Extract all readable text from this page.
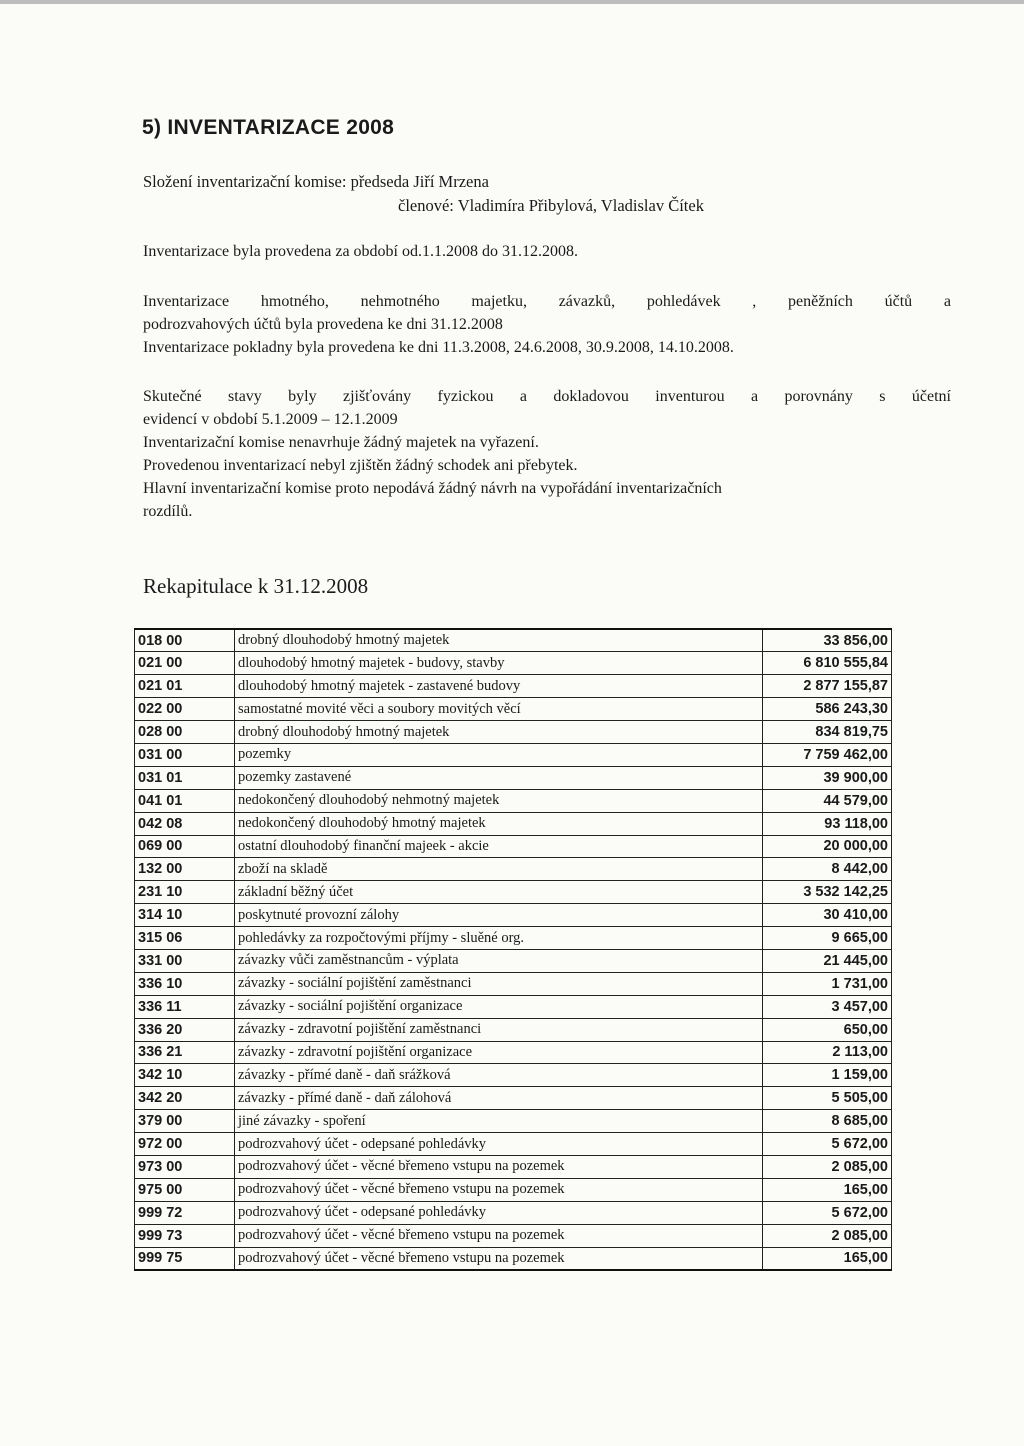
5) INVENTARIZACE 2008
Složení inventarizační komise: předseda Jiří Mrzena
členové: Vladimíra Přibylová, Vladislav Čítek
Inventarizace byla provedena za období od.1.1.2008 do 31.12.2008.
Inventarizace hmotného, nehmotného majetku, závazků, pohledávek , peněžních účtů a
podrozvahových účtů byla provedena ke dni 31.12.2008
Inventarizace pokladny byla provedena ke dni 11.3.2008, 24.6.2008, 30.9.2008, 14.10.2008.
Skutečné stavy byly zjišťovány fyzickou a dokladovou inventurou a porovnány s účetní
evidencí v období 5.1.2009 – 12.1.2009
Inventarizační komise nenavrhuje žádný majetek na vyřazení.
Provedenou inventarizací nebyl zjištěn žádný schodek ani přebytek.
Hlavní inventarizační komise proto nepodává žádný návrh na vypořádání inventarizačních
rozdílů.
Rekapitulace k 31.12.2008
018 00	drobný dlouhodobý hmotný majetek	33 856,00
021 00	dlouhodobý hmotný majetek - budovy, stavby	6 810 555,84
021 01	dlouhodobý hmotný majetek - zastavené budovy	2 877 155,87
022 00	samostatné movité věci a soubory movitých věcí	586 243,30
028 00	drobný dlouhodobý hmotný majetek	834 819,75
031 00	pozemky	7 759 462,00
031 01	pozemky zastavené	39 900,00
041 01	nedokončený dlouhodobý nehmotný majetek	44 579,00
042 08	nedokončený dlouhodobý hmotný majetek	93 118,00
069 00	ostatní dlouhodobý finanční majeek - akcie	20 000,00
132 00	zboží na skladě	8 442,00
231 10	základní běžný účet	3 532 142,25
314 10	poskytnuté provozní zálohy	30 410,00
315 06	pohledávky za rozpočtovými příjmy - sluěné org.	9 665,00
331 00	závazky vůči zaměstnancům - výplata	21 445,00
336 10	závazky - sociální pojištění zaměstnanci	1 731,00
336 11	závazky - sociální pojištění organizace	3 457,00
336 20	závazky - zdravotní pojištění zaměstnanci	650,00
336 21	závazky - zdravotní pojištění organizace	2 113,00
342 10	závazky - přímé daně - daň srážková	1 159,00
342 20	závazky - přímé daně - daň zálohová	5 505,00
379 00	jiné závazky - spoření	8 685,00
972 00	podrozvahový účet - odepsané pohledávky	5 672,00
973 00	podrozvahový účet - věcné břemeno vstupu na pozemek	2 085,00
975 00	podrozvahový účet - věcné břemeno vstupu na pozemek	165,00
999 72	podrozvahový účet - odepsané pohledávky	5 672,00
999 73	podrozvahový účet - věcné břemeno vstupu na pozemek	2 085,00
999 75	podrozvahový účet - věcné břemeno vstupu na pozemek	165,00
